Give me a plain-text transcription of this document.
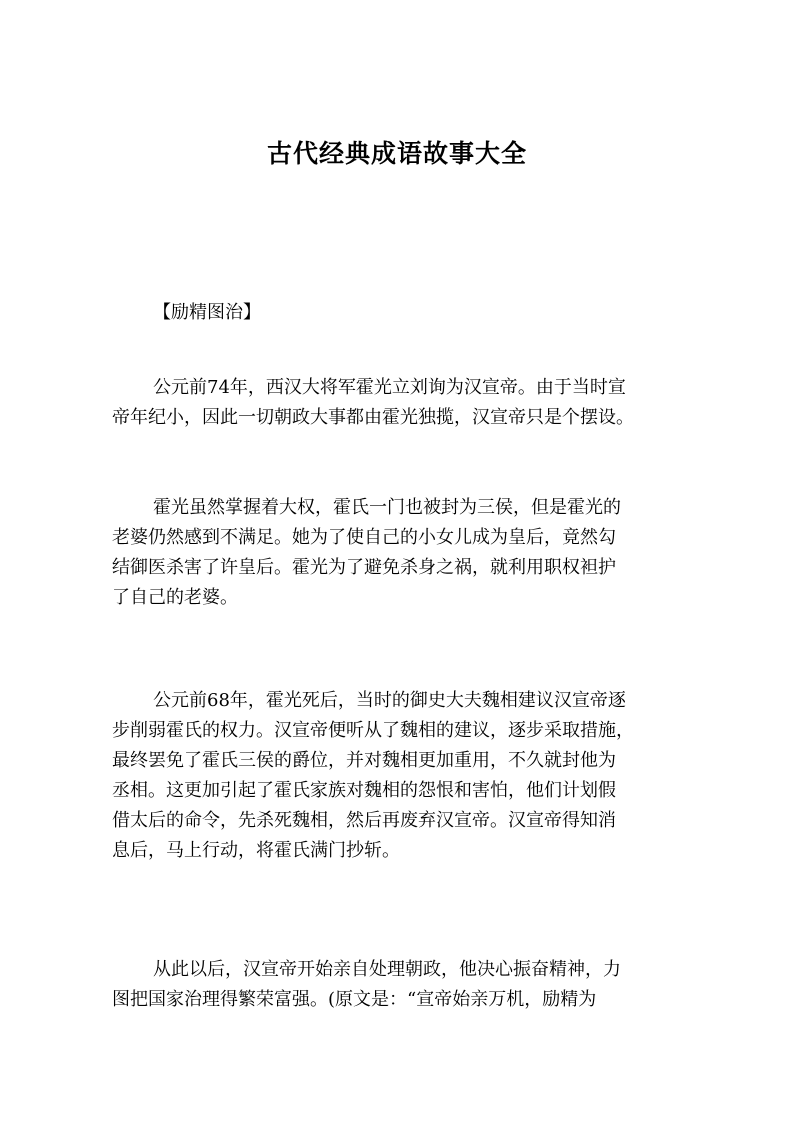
古代经典成语故事大全
【励精图治】
公元前74年，西汉大将军霍光立刘询为汉宣帝。由于当时宣
帝年纪小，因此一切朝政大事都由霍光独揽，汉宣帝只是个摆设。
霍光虽然掌握着大权，霍氏一门也被封为三侯，但是霍光的
老婆仍然感到不满足。她为了使自己的小女儿成为皇后，竟然勾
结御医杀害了许皇后。霍光为了避免杀身之祸，就利用职权袒护
了自己的老婆。
公元前68年，霍光死后，当时的御史大夫魏相建议汉宣帝逐
步削弱霍氏的权力。汉宣帝便听从了魏相的建议，逐步采取措施，
最终罢免了霍氏三侯的爵位，并对魏相更加重用，不久就封他为
丞相。这更加引起了霍氏家族对魏相的怨恨和害怕，他们计划假
借太后的命令，先杀死魏相，然后再废弃汉宣帝。汉宣帝得知消
息后，马上行动，将霍氏满门抄斩。
从此以后，汉宣帝开始亲自处理朝政，他决心振奋精神，力
图把国家治理得繁荣富强。(原文是：“宣帝始亲万机，励精为
